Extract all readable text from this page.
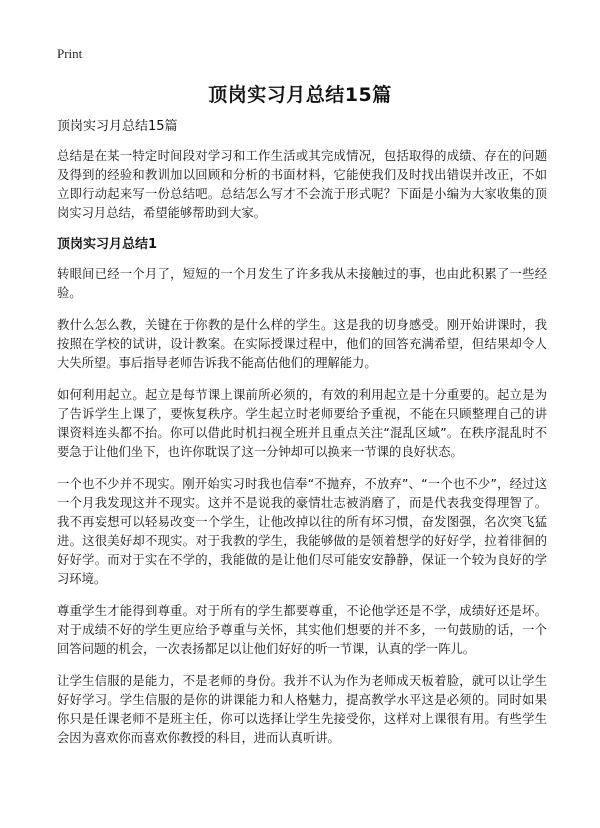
Print
顶岗实习月总结15篇
顶岗实习月总结15篇

总结是在某一特定时间段对学习和工作生活或其完成情况，包括取得的成绩、存在的问题及得到的经验和教训加以回顾和分析的书面材料，它能使我们及时找出错误并改正，不如立即行动起来写一份总结吧。总结怎么写才不会流于形式呢？下面是小编为大家收集的顶岗实习月总结，希望能够帮助到大家。

顶岗实习月总结1

转眼间已经一个月了，短短的一个月发生了许多我从未接触过的事，也由此积累了一些经验。

教什么怎么教，关键在于你教的是什么样的学生。这是我的切身感受。刚开始讲课时，我按照在学校的试讲，设计教案。在实际授课过程中，他们的回答充满希望，但结果却令人大失所望。事后指导老师告诉我不能高估他们的理解能力。

如何利用起立。起立是每节课上课前所必须的，有效的利用起立是十分重要的。起立是为了告诉学生上课了，要恢复秩序。学生起立时老师要给予重视，不能在只顾整理自己的讲课资料连头都不抬。你可以借此时机扫视全班并且重点关注“混乱区域”。在秩序混乱时不要急于让他们坐下，也许你耽误了这一分钟却可以换来一节课的良好状态。

一个也不少并不现实。刚开始实习时我也信奉“不抛弃，不放弃”、“一个也不少”，经过这一个月我发现这并不现实。这并不是说我的豪情壮志被消磨了，而是代表我变得理智了。我不再妄想可以轻易改变一个学生，让他改掉以往的所有坏习惯，奋发图强，名次突飞猛进。这很美好却不现实。对于我教的学生，我能够做的是领着想学的好好学，拉着徘徊的好好学。而对于实在不学的，我能做的是让他们尽可能安安静静，保证一个较为良好的学习环境。

尊重学生才能得到尊重。对于所有的学生都要尊重，不论他学还是不学，成绩好还是坏。对于成绩不好的学生更应给予尊重与关怀，其实他们想要的并不多，一句鼓励的话，一个回答问题的机会，一次表扬都足以让他们好好的听一节课，认真的学一阵儿。

让学生信服的是能力，不是老师的身份。我并不认为作为老师成天板着脸，就可以让学生好好学习。学生信服的是你的讲课能力和人格魅力，提高教学水平这是必须的。同时如果你只是任课老师不是班主任，你可以选择让学生先接受你，这样对上课很有用。有些学生会因为喜欢你而喜欢你教授的科目，进而认真听讲。
